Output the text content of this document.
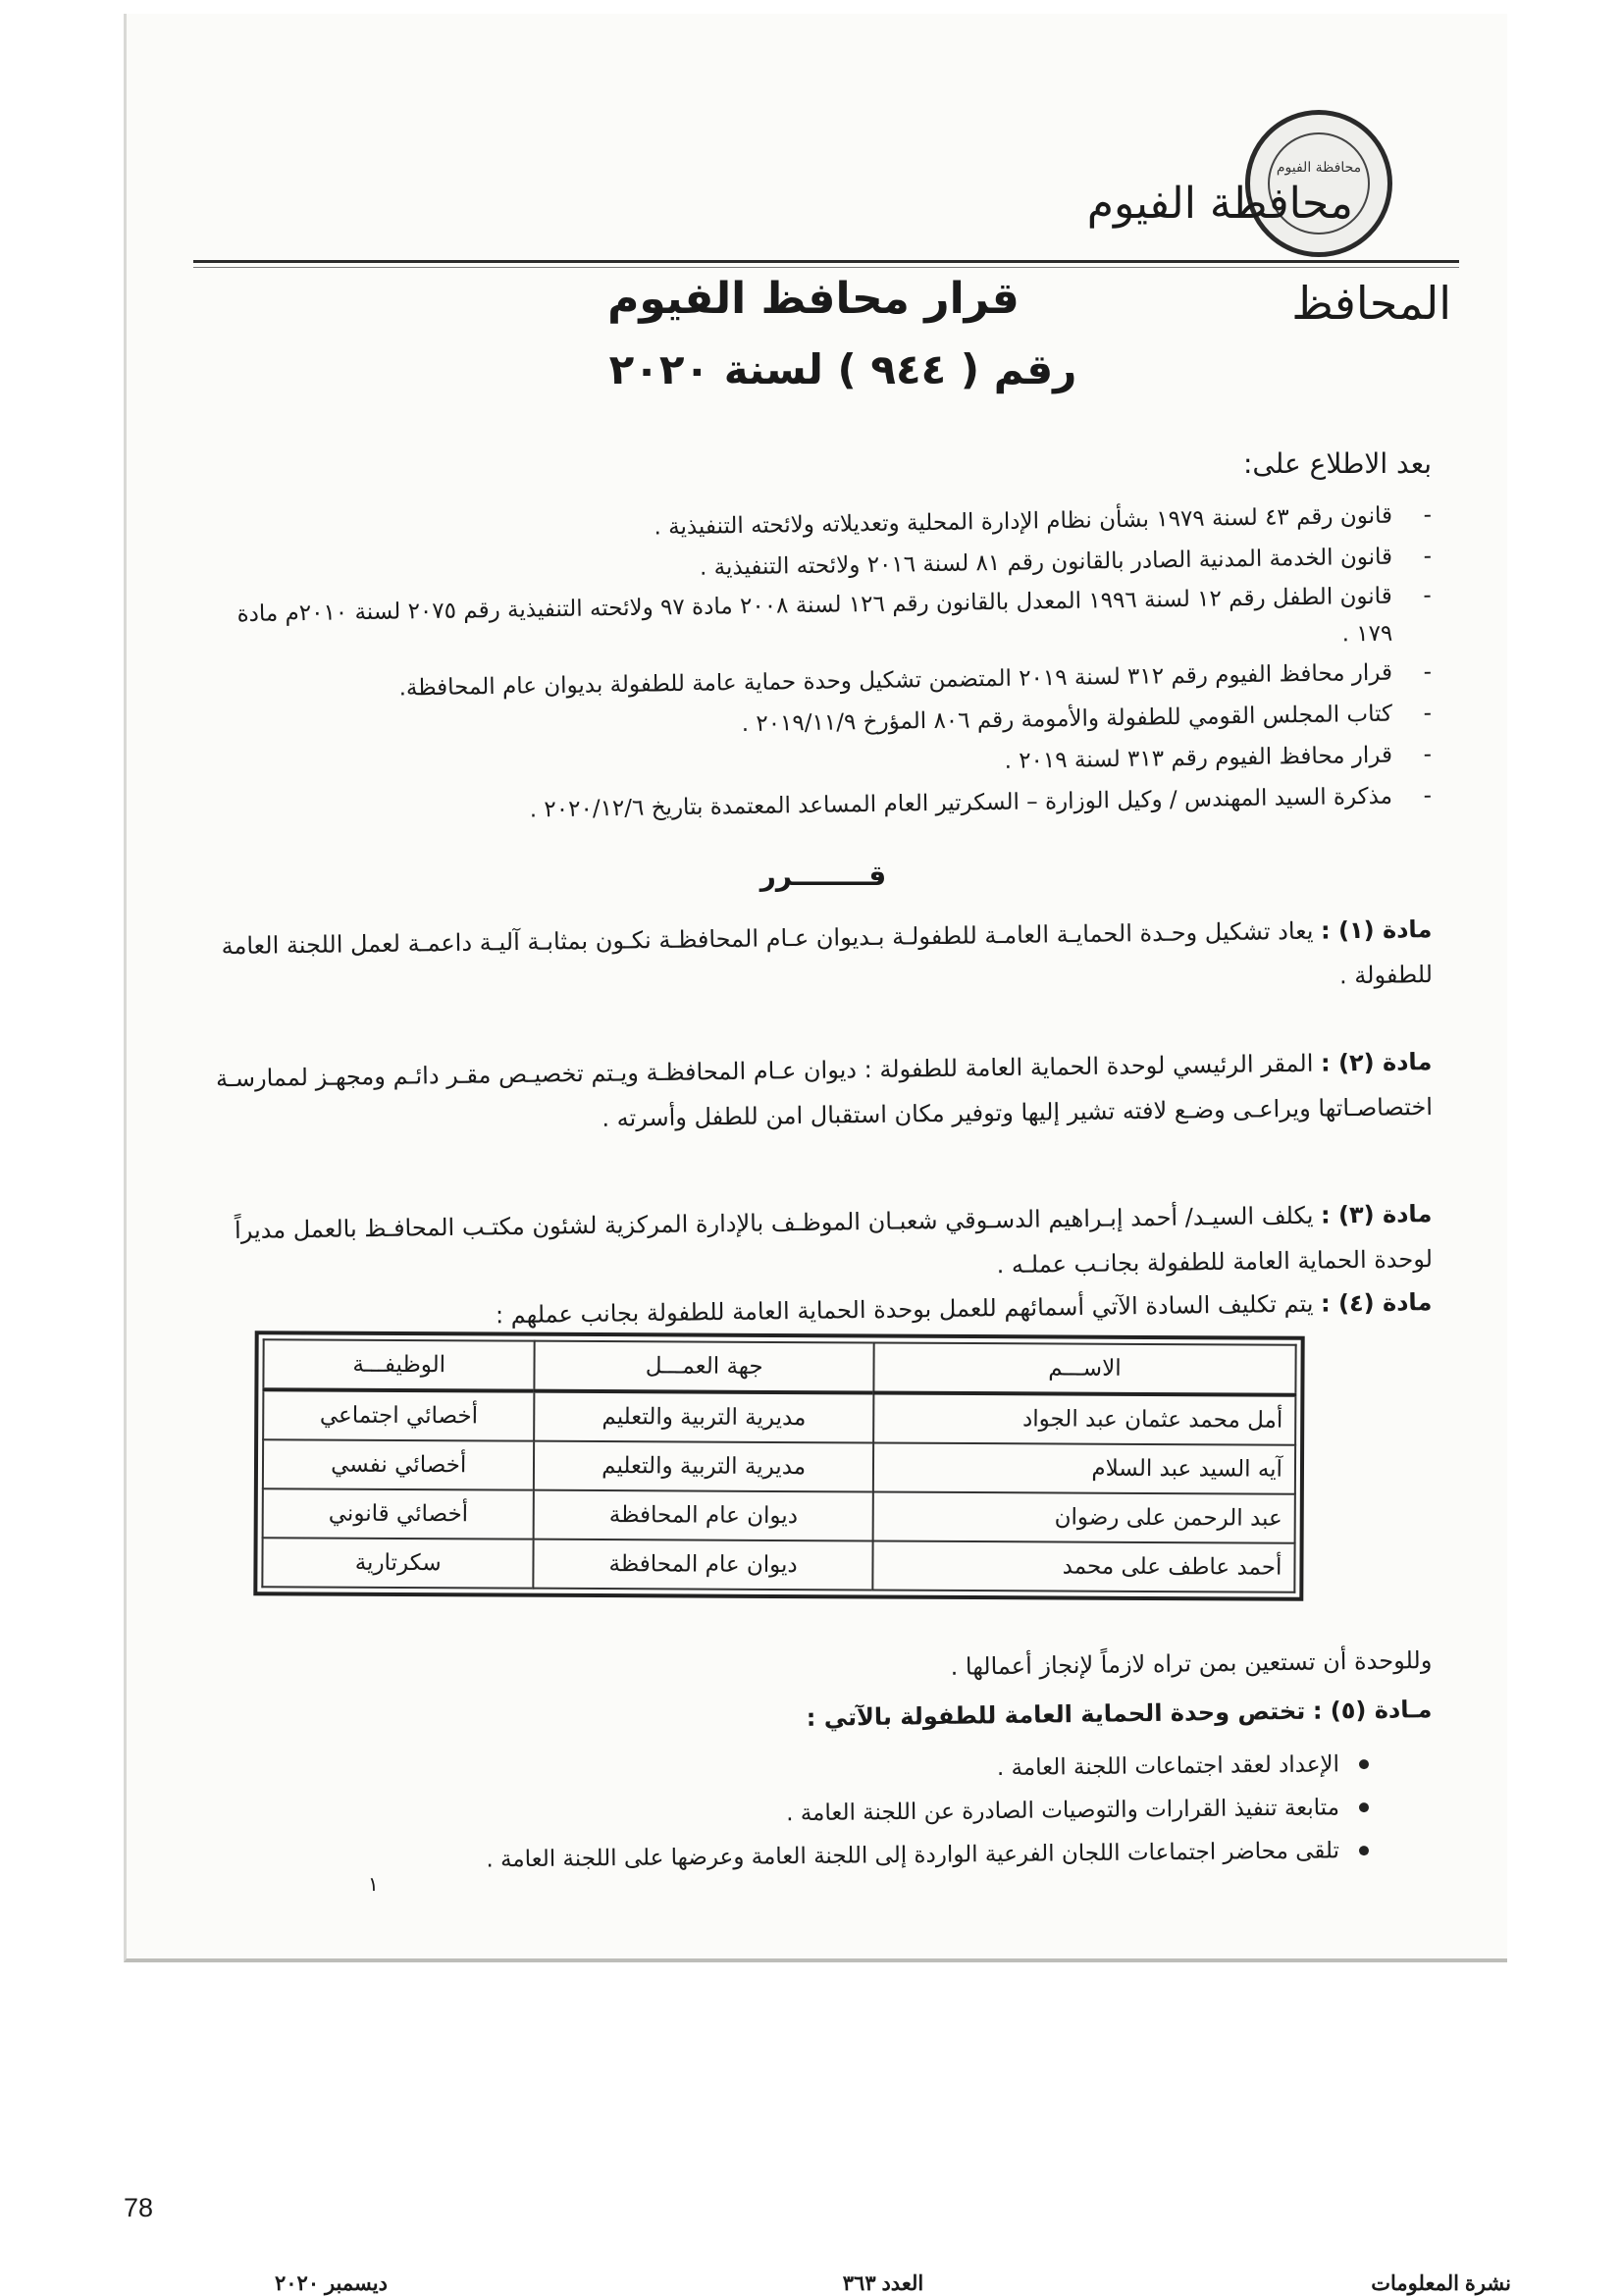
محافظة الفيوم
محافظة الفيوم
المحافظ
قرار محافظ الفيوم
رقم ( ٩٤٤ ) لسنة ٢٠٢٠
بعد الاطلاع على:
-
قانون رقم ٤٣ لسنة ١٩٧٩ بشأن نظام الإدارة المحلية وتعديلاته ولائحته التنفيذية .
-
قانون الخدمة المدنية الصادر بالقانون رقم ٨١ لسنة ٢٠١٦ ولائحته التنفيذية .
-
قانون الطفل رقم ١٢ لسنة ١٩٩٦ المعدل بالقانون رقم ١٢٦ لسنة ٢٠٠٨ مادة ٩٧ ولائحته التنفيذية رقم ٢٠٧٥ لسنة ٢٠١٠م مادة ١٧٩ .
-
قرار محافظ الفيوم رقم ٣١٢ لسنة ٢٠١٩ المتضمن تشكيل وحدة حماية عامة للطفولة بديوان عام المحافظة.
-
كتاب المجلس القومي للطفولة والأمومة رقم ٨٠٦ المؤرخ ٢٠١٩/١١/٩ .
-
قرار محافظ الفيوم رقم ٣١٣ لسنة ٢٠١٩ .
-
مذكرة السيد المهندس / وكيل الوزارة – السكرتير العام المساعد المعتمدة بتاريخ ٢٠٢٠/١٢/٦ .
قــــــــرر
مادة (١) : يعاد تشكيل وحـدة الحمايـة العامـة للطفولـة بـديوان عـام المحافظـة نكـون بمثابـة آليـة داعمـة لعمل اللجنة العامة للطفولة .
مادة (٢) : المقر الرئيسي لوحدة الحماية العامة للطفولة : ديوان عـام المحافظـة ويـتم تخصيـص مقـر دائـم ومجهـز لممارسـة اختصاصـاتها ويراعـى وضـع لافته تشير إليها وتوفير مكان استقبال امن للطفل وأسرته .
مادة (٣) : يكلف السيـد/ أحمد إبـراهيم الدسـوقي شعبـان الموظـف بالإدارة المركزية لشئون مكتـب المحافـظ بالعمل مديراً لوحدة الحماية العامة للطفولة بجانـب عملـه .
مادة (٤) : يتم تكليف السادة الآتي أسمائهم للعمل بوحدة الحماية العامة للطفولة بجانب عملهم :
الاســـم	جهة العمـــل	الوظيفـــة
أمل محمد عثمان عبد الجواد	مديرية التربية والتعليم	أخصائي اجتماعي
آيه السيد عبد السلام	مديرية التربية والتعليم	أخصائي نفسي
عبد الرحمن على رضوان	ديوان عام المحافظة	أخصائي قانوني
أحمد عاطف على محمد	ديوان عام المحافظة	سكرتارية
وللوحدة أن تستعين بمن تراه لازماً لإنجاز أعمالها .
مـادة (٥) : تختص وحدة الحماية العامة للطفولة بالآتي :
الإعداد لعقد اجتماعات اللجنة العامة .
متابعة تنفيذ القرارات والتوصيات الصادرة عن اللجنة العامة .
تلقى محاضر اجتماعات اللجان الفرعية الواردة إلى اللجنة العامة وعرضها على اللجنة العامة .
١
78
ديسمبر ٢٠٢٠	العدد ٣٦٣	نشرة المعلومات
